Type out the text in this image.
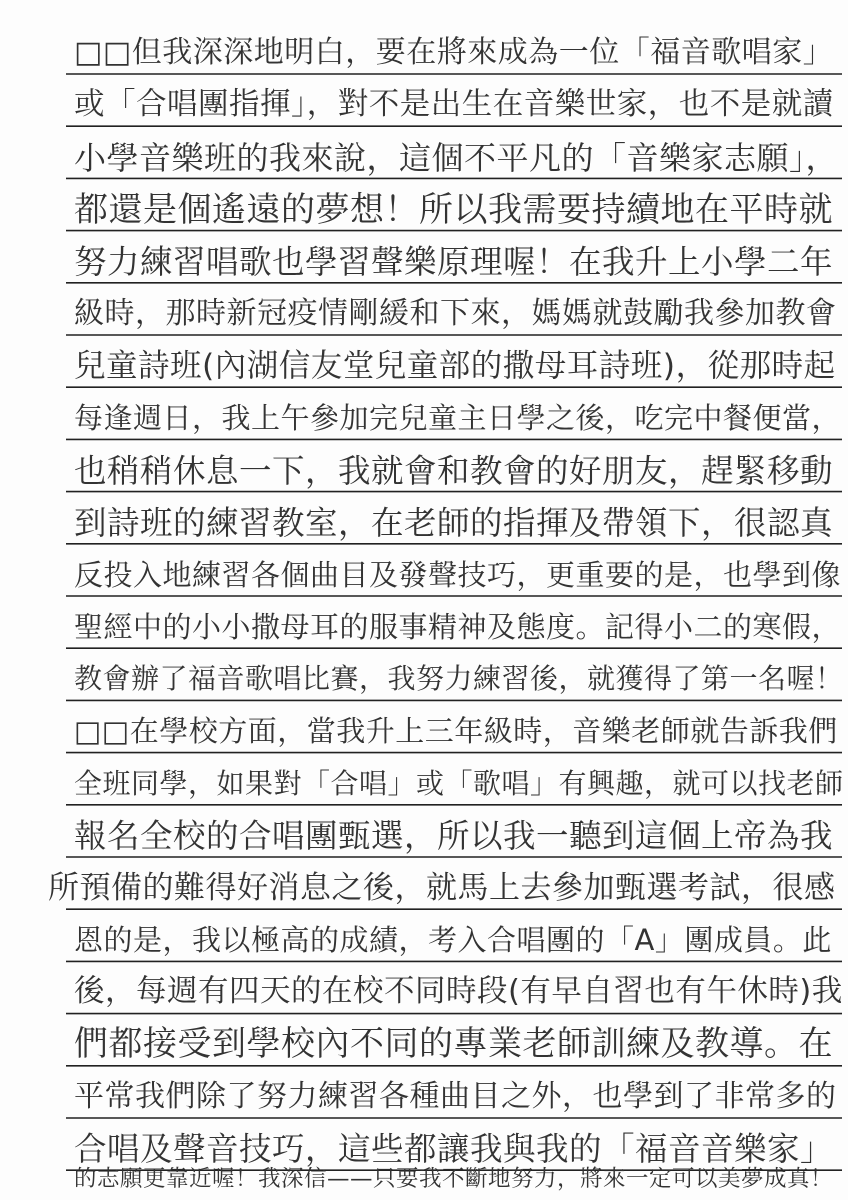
□□但我深深地明白，要在將來成為一位「福音歌唱家」
或「合唱團指揮」，對不是出生在音樂世家，也不是就讀
小學音樂班的我來說，這個不平凡的「音樂家志願」，
都還是個遙遠的夢想！所以我需要持續地在平時就
努力練習唱歌也學習聲樂原理喔！在我升上小學二年
級時，那時新冠疫情剛緩和下來，媽媽就鼓勵我參加教會
兒童詩班(內湖信友堂兒童部的撒母耳詩班)，從那時起
每逢週日，我上午參加完兒童主日學之後，吃完中餐便當，
也稍稍休息一下，我就會和教會的好朋友，趕緊移動
到詩班的練習教室，在老師的指揮及帶領下，很認真
反投入地練習各個曲目及發聲技巧，更重要的是，也學到像
聖經中的小小撒母耳的服事精神及態度。記得小二的寒假，
教會辦了福音歌唱比賽，我努力練習後，就獲得了第一名喔！
□□在學校方面，當我升上三年級時，音樂老師就告訴我們
全班同學，如果對「合唱」或「歌唱」有興趣，就可以找老師
報名全校的合唱團甄選，所以我一聽到這個上帝為我
所預備的難得好消息之後，就馬上去參加甄選考試，很感
恩的是，我以極高的成績，考入合唱團的「A」團成員。此
後，每週有四天的在校不同時段(有早自習也有午休時)我
們都接受到學校內不同的專業老師訓練及教導。在
平常我們除了努力練習各種曲目之外，也學到了非常多的
合唱及聲音技巧，這些都讓我與我的「福音音樂家」
的志願更靠近喔！我深信——只要我不斷地努力，將來一定可以美夢成真！
